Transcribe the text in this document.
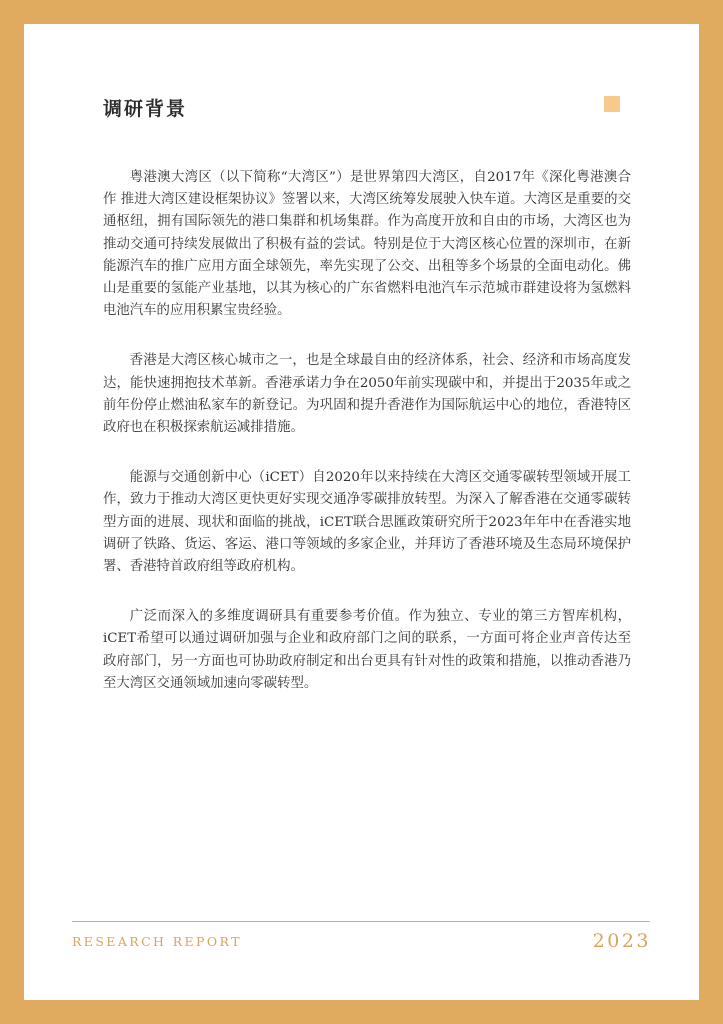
调研背景

粤港澳大湾区（以下简称“大湾区”）是世界第四大湾区，自2017年《深化粤港澳合作 推进大湾区建设框架协议》签署以来，大湾区统筹发展驶入快车道。大湾区是重要的交通枢纽，拥有国际领先的港口集群和机场集群。作为高度开放和自由的市场，大湾区也为推动交通可持续发展做出了积极有益的尝试。特别是位于大湾区核心位置的深圳市，在新能源汽车的推广应用方面全球领先，率先实现了公交、出租等多个场景的全面电动化。佛山是重要的氢能产业基地，以其为核心的广东省燃料电池汽车示范城市群建设将为氢燃料电池汽车的应用积累宝贵经验。

香港是大湾区核心城市之一，也是全球最自由的经济体系，社会、经济和市场高度发达，能快速拥抱技术革新。香港承诺力争在2050年前实现碳中和，并提出于2035年或之前年份停止燃油私家车的新登记。为巩固和提升香港作为国际航运中心的地位，香港特区政府也在积极探索航运减排措施。

能源与交通创新中心（iCET）自2020年以来持续在大湾区交通零碳转型领域开展工作，致力于推动大湾区更快更好实现交通净零碳排放转型。为深入了解香港在交通零碳转型方面的进展、现状和面临的挑战，iCET联合思匯政策研究所于2023年年中在香港实地调研了铁路、货运、客运、港口等领域的多家企业，并拜访了香港环境及生态局环境保护署、香港特首政府组等政府机构。

广泛而深入的多维度调研具有重要参考价值。作为独立、专业的第三方智库机构，iCET希望可以通过调研加强与企业和政府部门之间的联系，一方面可将企业声音传达至政府部门，另一方面也可协助政府制定和出台更具有针对性的政策和措施，以推动香港乃至大湾区交通领域加速向零碳转型。

RESEARCH REPORT	2023
